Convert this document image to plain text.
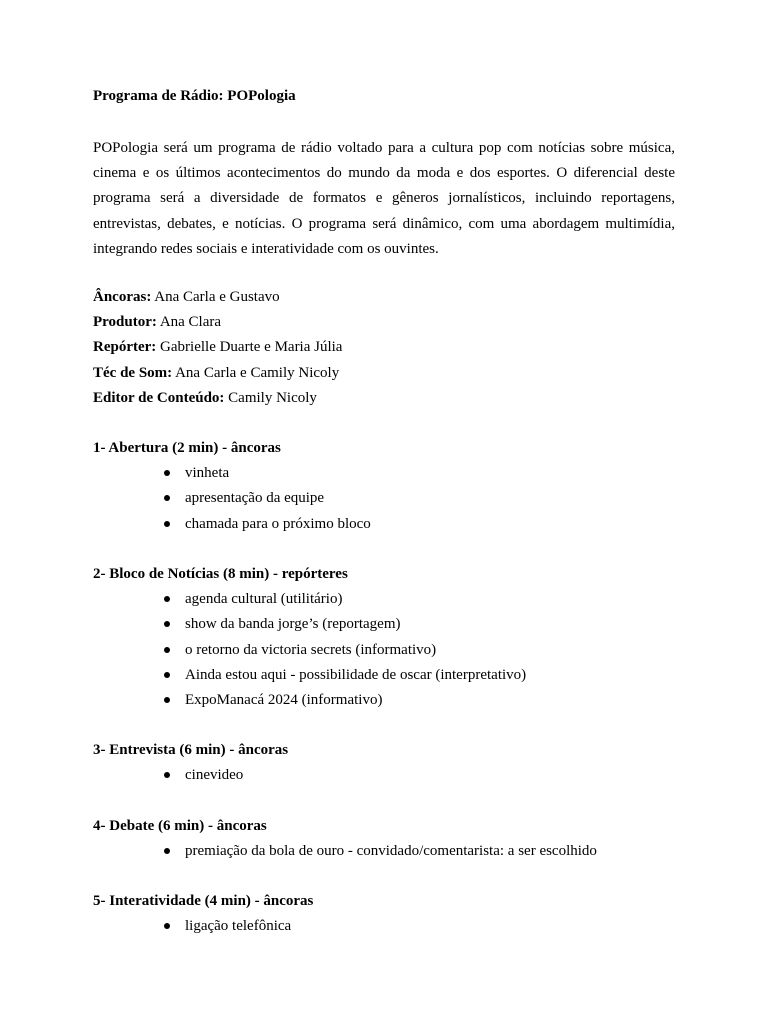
Programa de Rádio: POPologia

POPologia será um programa de rádio voltado para a cultura pop com notícias sobre música, cinema e os últimos acontecimentos do mundo da moda e dos esportes. O diferencial deste programa será a diversidade de formatos e gêneros jornalísticos, incluindo reportagens, entrevistas, debates, e notícias. O programa será dinâmico, com uma abordagem multimídia, integrando redes sociais e interatividade com os ouvintes.

Âncoras: Ana Carla e Gustavo
Produtor: Ana Clara
Repórter: Gabrielle Duarte e Maria Júlia
Téc de Som: Ana Carla e Camily Nicoly
Editor de Conteúdo: Camily Nicoly
1- Abertura (2 min) - âncoras
vinheta
apresentação da equipe
chamada para o próximo bloco
2- Bloco de Notícias (8 min) - repórteres
agenda cultural (utilitário)
show da banda jorge’s (reportagem)
o retorno da victoria secrets (informativo)
Ainda estou aqui - possibilidade de oscar (interpretativo)
ExpoManacá 2024 (informativo)
3- Entrevista (6 min) - âncoras
cinevideo
4- Debate (6 min) - âncoras
premiação da bola de ouro - convidado/comentarista: a ser escolhido
5- Interatividade (4 min) - âncoras
ligação telefônica
